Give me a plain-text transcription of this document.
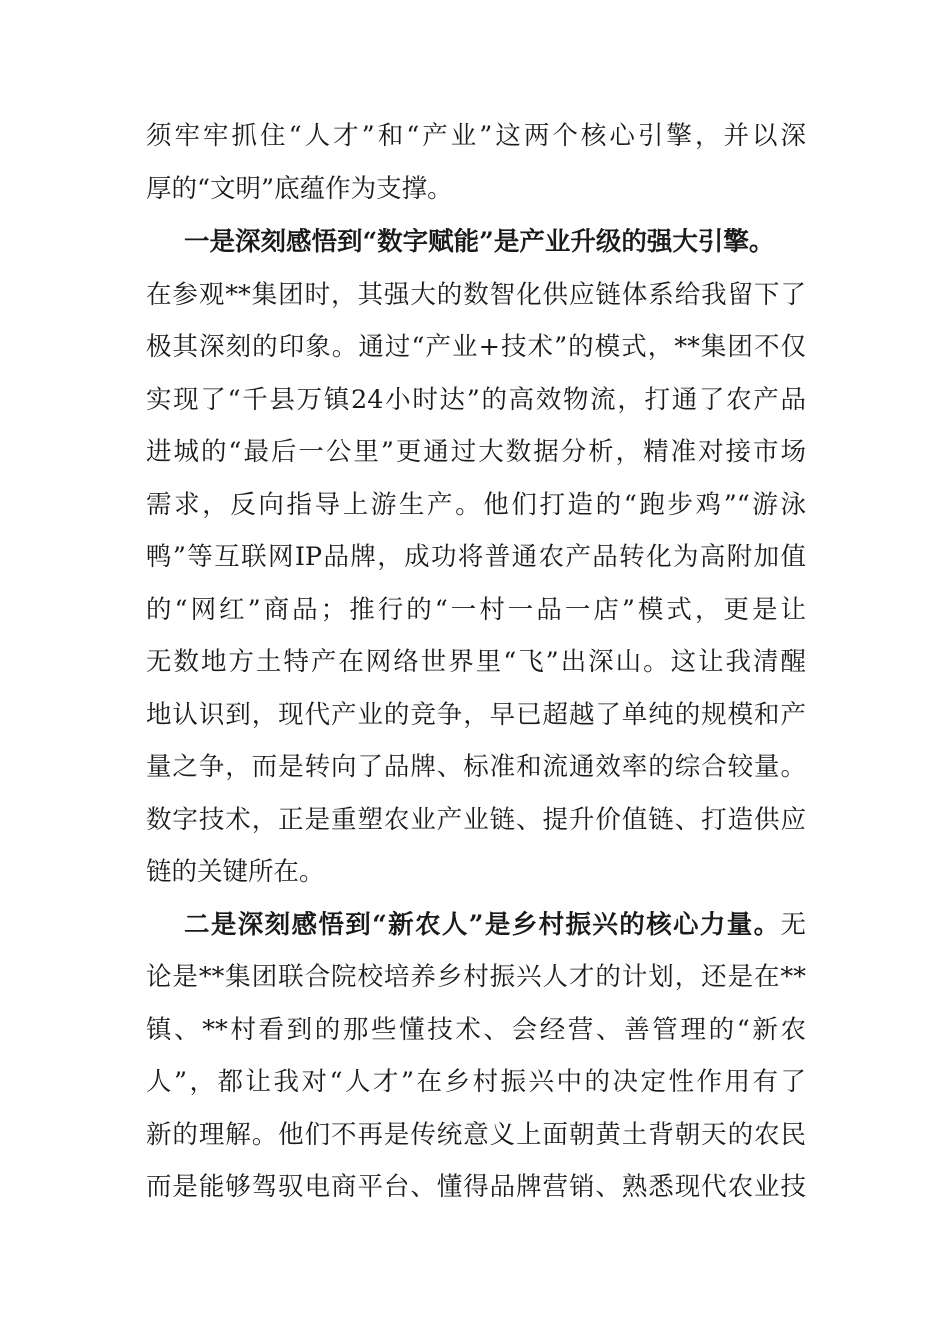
须牢牢抓住“人才”和“产业”这两个核心引擎，并以深

厚的“文明”底蕴作为支撑。

一是深刻感悟到“数字赋能”是产业升级的强大引擎。

在参观**集团时，其强大的数智化供应链体系给我留下了

极其深刻的印象。通过“产业+技术”的模式，**集团不仅

实现了“千县万镇24小时达”的高效物流，打通了农产品

进城的“最后一公里”更通过大数据分析，精准对接市场

需求，反向指导上游生产。他们打造的“跑步鸡”“游泳

鸭”等互联网IP品牌，成功将普通农产品转化为高附加值

的“网红”商品；推行的“一村一品一店”模式，更是让

无数地方土特产在网络世界里“飞”出深山。这让我清醒

地认识到，现代产业的竞争，早已超越了单纯的规模和产

量之争，而是转向了品牌、标准和流通效率的综合较量。

数字技术，正是重塑农业产业链、提升价值链、打造供应

链的关键所在。

二是深刻感悟到“新农人”是乡村振兴的核心力量。无

论是**集团联合院校培养乡村振兴人才的计划，还是在**

镇、**村看到的那些懂技术、会经营、善管理的“新农

人”，都让我对“人才”在乡村振兴中的决定性作用有了

新的理解。他们不再是传统意义上面朝黄土背朝天的农民

而是能够驾驭电商平台、懂得品牌营销、熟悉现代农业技
